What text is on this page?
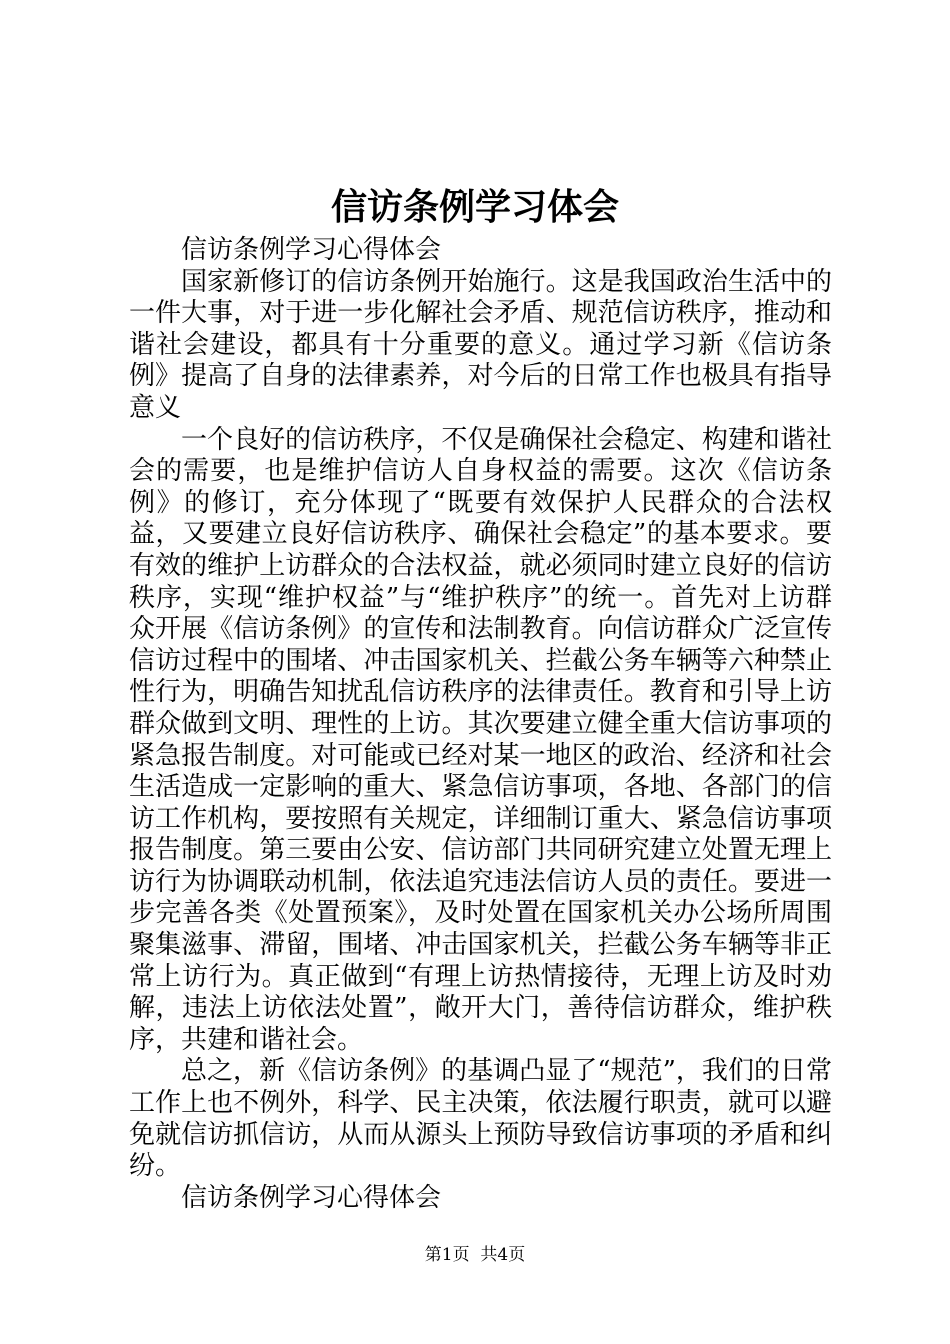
信访条例学习体会

信访条例学习心得体会

国家新修订的信访条例开始施行。这是我国政治生活中的一件大事，对于进一步化解社会矛盾、规范信访秩序，推动和谐社会建设，都具有十分重要的意义。通过学习新《信访条例》提高了自身的法律素养，对今后的日常工作也极具有指导意义

一个良好的信访秩序，不仅是确保社会稳定、构建和谐社会的需要，也是维护信访人自身权益的需要。这次《信访条例》的修订，充分体现了“既要有效保护人民群众的合法权益，又要建立良好信访秩序、确保社会稳定”的基本要求。要有效的维护上访群众的合法权益，就必须同时建立良好的信访秩序，实现“维护权益”与“维护秩序”的统一。首先对上访群众开展《信访条例》的宣传和法制教育。向信访群众广泛宣传信访过程中的围堵、冲击国家机关、拦截公务车辆等六种禁止性行为，明确告知扰乱信访秩序的法律责任。教育和引导上访群众做到文明、理性的上访。其次要建立健全重大信访事项的紧急报告制度。对可能或已经对某一地区的政治、经济和社会生活造成一定影响的重大、紧急信访事项，各地、各部门的信访工作机构，要按照有关规定，详细制订重大、紧急信访事项报告制度。第三要由公安、信访部门共同研究建立处置无理上访行为协调联动机制，依法追究违法信访人员的责任。要进一步完善各类《处置预案》，及时处置在国家机关办公场所周围聚集滋事、滞留，围堵、冲击国家机关，拦截公务车辆等非正常上访行为。真正做到“有理上访热情接待，无理上访及时劝解，违法上访依法处置”，敞开大门，善待信访群众，维护秩序，共建和谐社会。

总之，新《信访条例》的基调凸显了“规范”，我们的日常工作上也不例外，科学、民主决策，依法履行职责，就可以避免就信访抓信访，从而从源头上预防导致信访事项的矛盾和纠纷。

信访条例学习心得体会

第1页 共4页
